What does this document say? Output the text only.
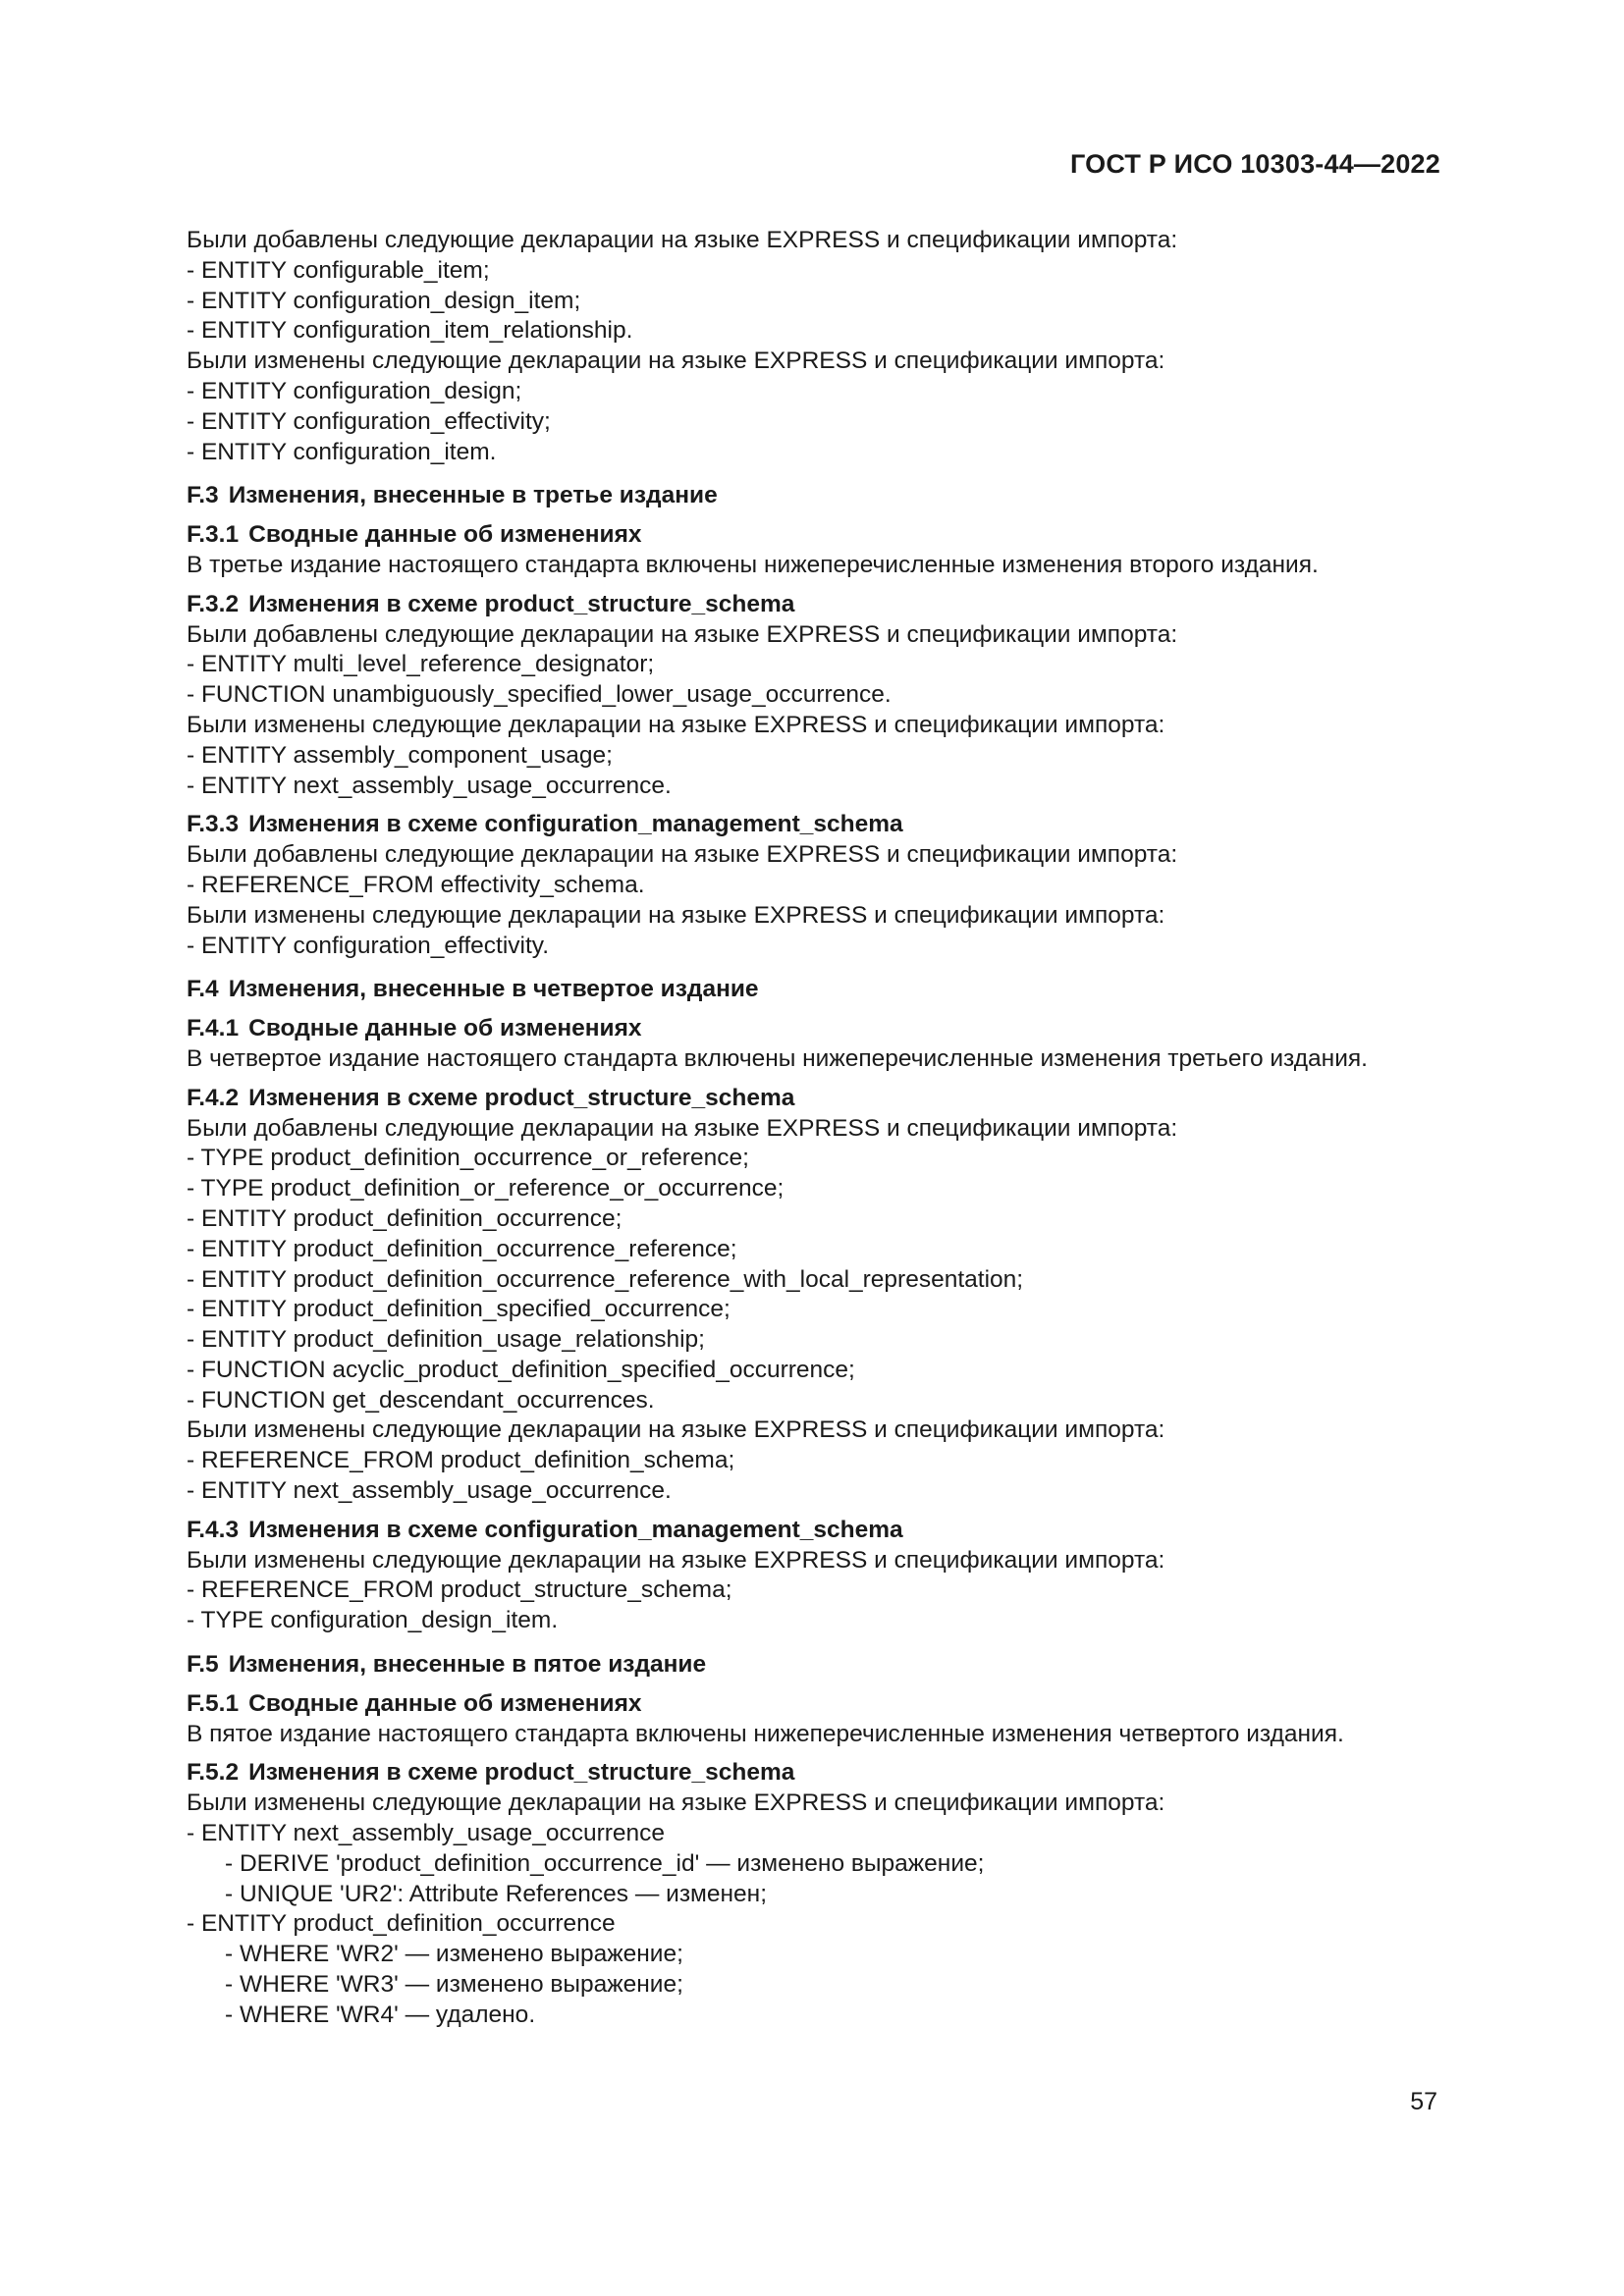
ГОСТ Р ИСО 10303-44—2022

Были добавлены следующие декларации на языке EXPRESS и спецификации импорта:

- ENTITY configurable_item;
- ENTITY configuration_design_item;
- ENTITY configuration_item_relationship.

Были изменены следующие декларации на языке EXPRESS и спецификации импорта:

- ENTITY configuration_design;
- ENTITY configuration_effectivity;
- ENTITY configuration_item.
F.3 Изменения, внесенные в третье издание
F.3.1 Сводные данные об изменениях

В третье издание настоящего стандарта включены нижеперечисленные изменения второго издания.

F.3.2 Изменения в схеме product_structure_schema

Были добавлены следующие декларации на языке EXPRESS и спецификации импорта:

- ENTITY multi_level_reference_designator;
- FUNCTION unambiguously_specified_lower_usage_occurrence.

Были изменены следующие декларации на языке EXPRESS и спецификации импорта:

- ENTITY assembly_component_usage;
- ENTITY next_assembly_usage_occurrence.
F.3.3 Изменения в схеме configuration_management_schema

Были добавлены следующие декларации на языке EXPRESS и спецификации импорта:

- REFERENCE_FROM effectivity_schema.

Были изменены следующие декларации на языке EXPRESS и спецификации импорта:

- ENTITY configuration_effectivity.
F.4 Изменения, внесенные в четвертое издание
F.4.1 Сводные данные об изменениях

В четвертое издание настоящего стандарта включены нижеперечисленные изменения третьего издания.

F.4.2 Изменения в схеме product_structure_schema

Были добавлены следующие декларации на языке EXPRESS и спецификации импорта:

- TYPE product_definition_occurrence_or_reference;
- TYPE product_definition_or_reference_or_occurrence;
- ENTITY product_definition_occurrence;
- ENTITY product_definition_occurrence_reference;
- ENTITY product_definition_occurrence_reference_with_local_representation;
- ENTITY product_definition_specified_occurrence;
- ENTITY product_definition_usage_relationship;
- FUNCTION acyclic_product_definition_specified_occurrence;
- FUNCTION get_descendant_occurrences.

Были изменены следующие декларации на языке EXPRESS и спецификации импорта:

- REFERENCE_FROM product_definition_schema;
- ENTITY next_assembly_usage_occurrence.
F.4.3 Изменения в схеме configuration_management_schema

Были изменены следующие декларации на языке EXPRESS и спецификации импорта:

- REFERENCE_FROM product_structure_schema;
- TYPE configuration_design_item.
F.5 Изменения, внесенные в пятое издание
F.5.1 Сводные данные об изменениях

В пятое издание настоящего стандарта включены нижеперечисленные изменения четвертого издания.

F.5.2 Изменения в схеме product_structure_schema

Были изменены следующие декларации на языке EXPRESS и спецификации импорта:

- ENTITY next_assembly_usage_occurrence
- DERIVE 'product_definition_occurrence_id' — изменено выражение;
- UNIQUE 'UR2': Attribute References — изменен;
- ENTITY product_definition_occurrence
- WHERE 'WR2' — изменено выражение;
- WHERE 'WR3' — изменено выражение;
- WHERE 'WR4' — удалено.
57
